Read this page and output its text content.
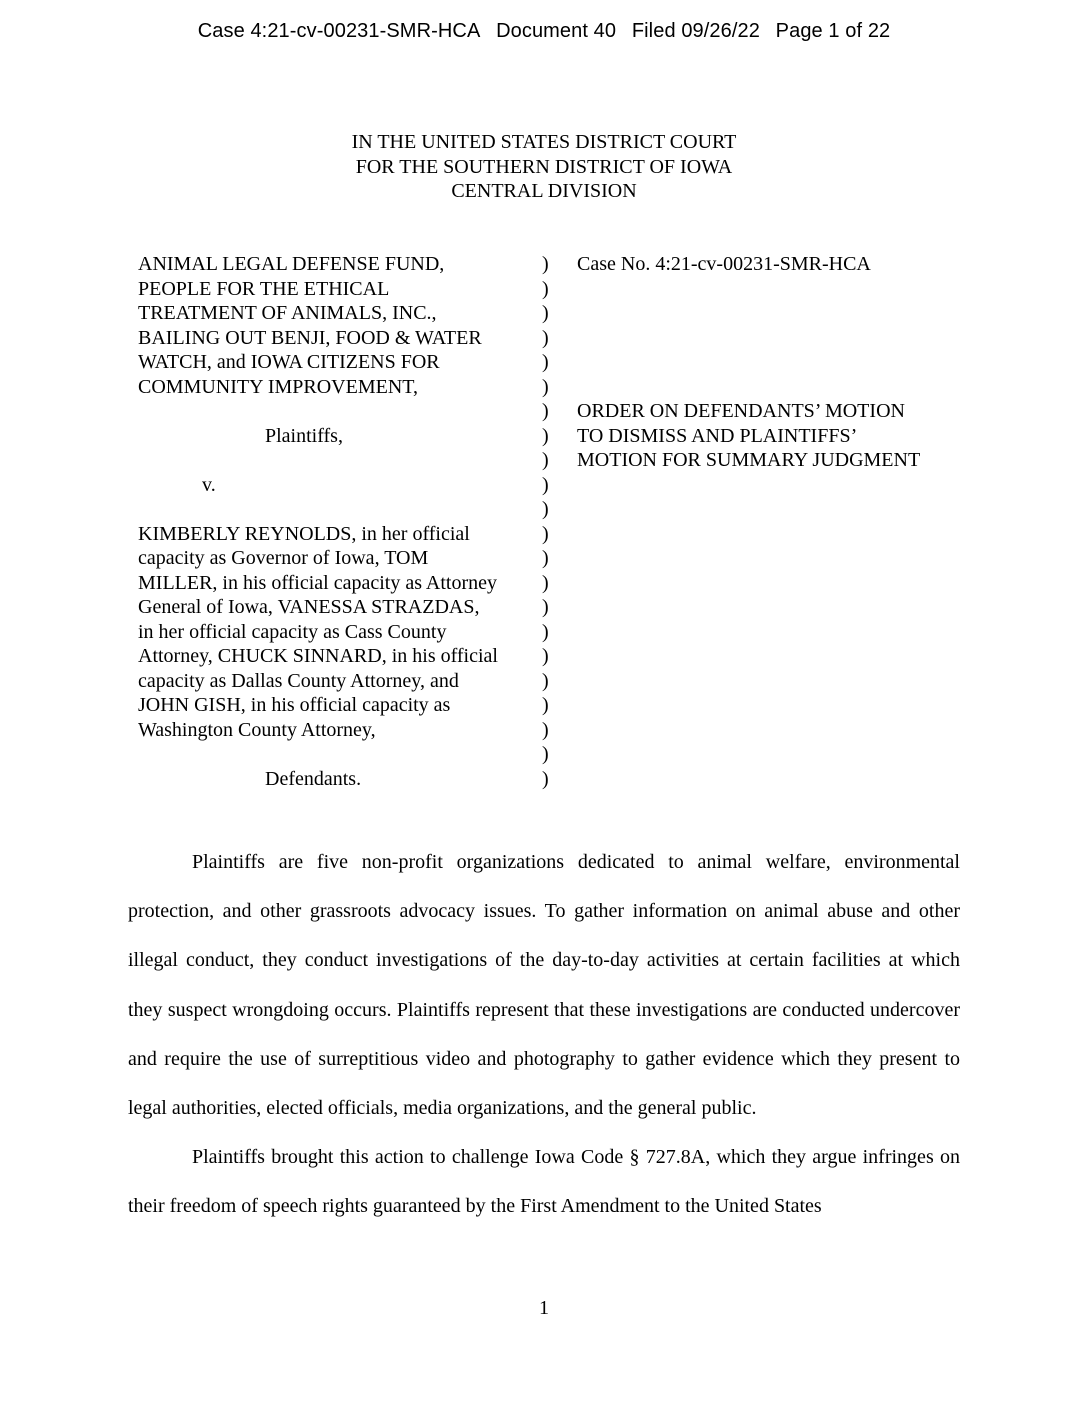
Case 4:21-cv-00231-SMR-HCA Document 40 Filed 09/26/22 Page 1 of 22
IN THE UNITED STATES DISTRICT COURT
FOR THE SOUTHERN DISTRICT OF IOWA
CENTRAL DIVISION
ANIMAL LEGAL DEFENSE FUND,
PEOPLE FOR THE ETHICAL
TREATMENT OF ANIMALS, INC.,
BAILING OUT BENJI, FOOD & WATER
WATCH, and IOWA CITIZENS FOR
COMMUNITY IMPROVEMENT,
Plaintiffs,
v.
KIMBERLY REYNOLDS, in her official
capacity as Governor of Iowa, TOM
MILLER, in his official capacity as Attorney
General of Iowa, VANESSA STRAZDAS,
in her official capacity as Cass County
Attorney, CHUCK SINNARD, in his official
capacity as Dallas County Attorney, and
JOHN GISH, in his official capacity as
Washington County Attorney,
Defendants.
)
)
)
)
)
)
)
)
)
)
)
)
)
)
)
)
)
)
)
)
)
)
Case No. 4:21-cv-00231-SMR-HCA
ORDER ON DEFENDANTS’ MOTION
TO DISMISS AND PLAINTIFFS’
MOTION FOR SUMMARY JUDGMENT

Plaintiffs are five non-profit organizations dedicated to animal welfare, environmental protection, and other grassroots advocacy issues. To gather information on animal abuse and other illegal conduct, they conduct investigations of the day-to-day activities at certain facilities at which they suspect wrongdoing occurs. Plaintiffs represent that these investigations are conducted undercover and require the use of surreptitious video and photography to gather evidence which they present to legal authorities, elected officials, media organizations, and the general public.

Plaintiffs brought this action to challenge Iowa Code § 727.8A, which they argue infringes on their freedom of speech rights guaranteed by the First Amendment to the United States

1
